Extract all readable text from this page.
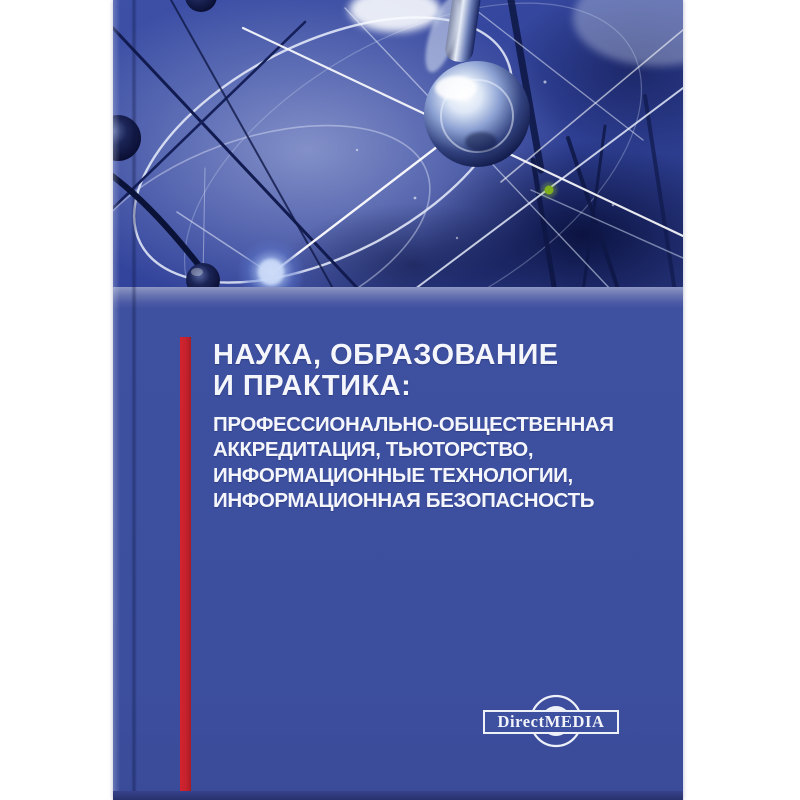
НАУКА, ОБРАЗОВАНИЕ
И ПРАКТИКА:
ПРОФЕССИОНАЛЬНО-ОБЩЕСТВЕННАЯ
АККРЕДИТАЦИЯ, ТЬЮТОРСТВО,
ИНФОРМАЦИОННЫЕ ТЕХНОЛОГИИ,
ИНФОРМАЦИОННАЯ БЕЗОПАСНОСТЬ
DirectMEDIA
